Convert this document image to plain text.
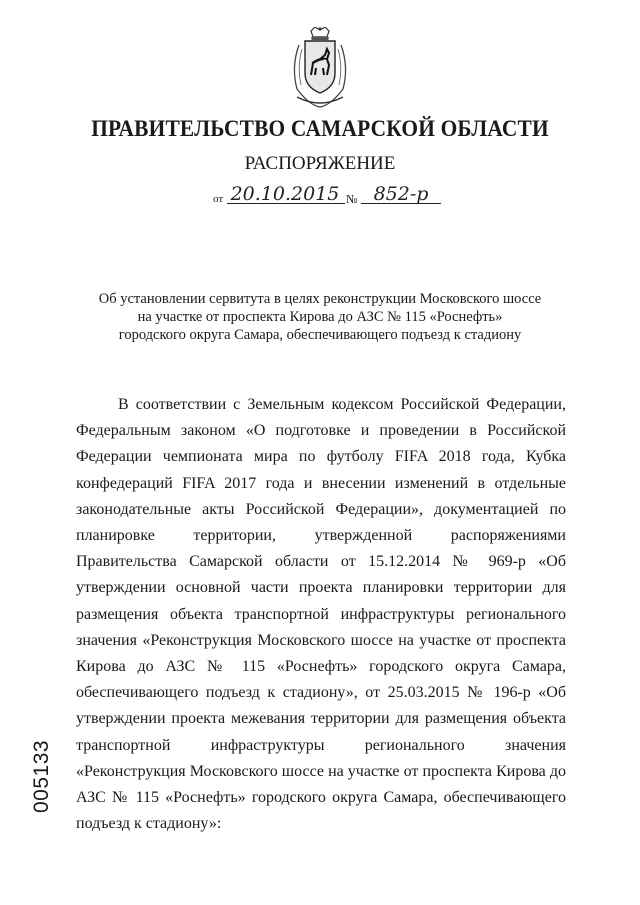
ПРАВИТЕЛЬСТВО САМАРСКОЙ ОБЛАСТИ
РАСПОРЯЖЕНИЕ
от 20.10.2015 № 852-р
Об установлении сервитута в целях реконструкции Московского шоссе
на участке от проспекта Кирова до АЗС № 115 «Роснефть»
городского округа Самара, обеспечивающего подъезд к стадиону

В соответствии с Земельным кодексом Российской Федерации, Федеральным законом «О подготовке и проведении в Российской Федерации чемпионата мира по футболу FIFA 2018 года, Кубка конфедераций FIFA 2017 года и внесении изменений в отдельные законодательные акты Российской Федерации», документацией по планировке территории, утвержденной распоряжениями Правительства Самарской области от 15.12.2014 № 969-р «Об утверждении основной части проекта планировки территории для размещения объекта транспортной инфраструктуры регионального значения «Реконструкция Московского шоссе на участке от проспекта Кирова до АЗС № 115 «Роснефть» городского округа Самара, обеспечивающего подъезд к стадиону», от 25.03.2015 № 196-р «Об утверждении проекта межевания территории для размещения объекта транспортной инфраструктуры регионального значения «Реконструкция Московского шоссе на участке от проспекта Кирова до АЗС № 115 «Роснефть» городского округа Самара, обеспечивающего подъезд к стадиону»:

005133
